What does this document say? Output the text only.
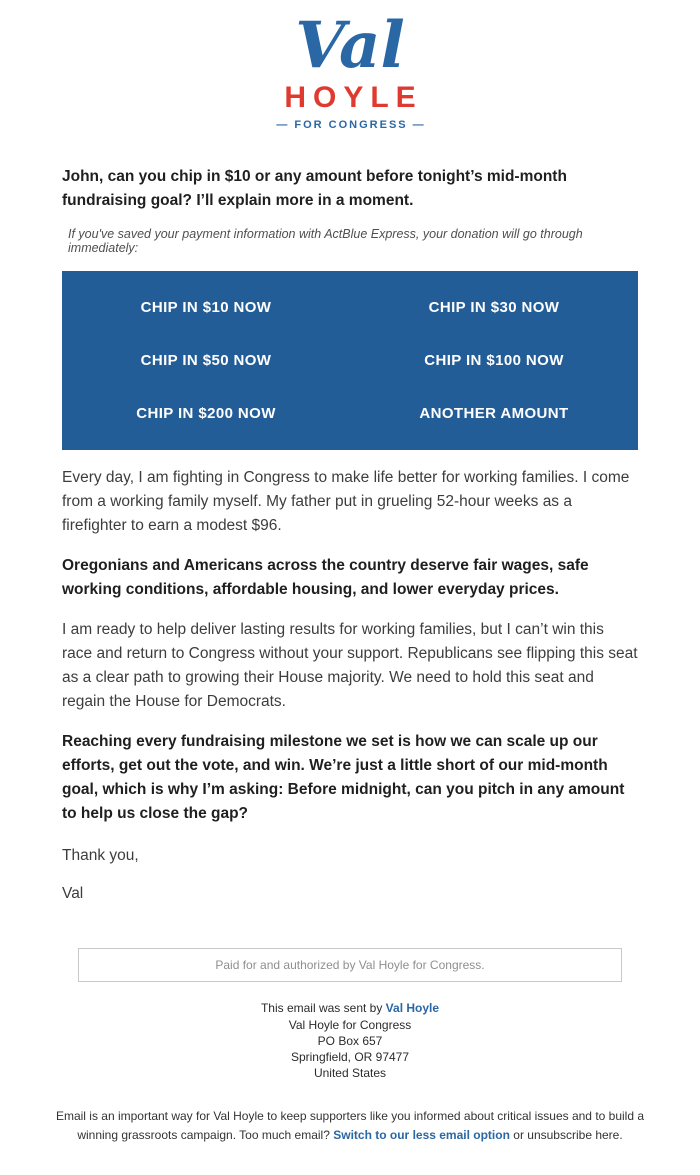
Val
HOYLE
— FOR CONGRESS —

John, can you chip in $10 or any amount before tonight’s mid-month fundraising goal? I’ll explain more in a moment.

If you've saved your payment information with ActBlue Express, your donation will go through immediately:

CHIP IN $10 NOW	CHIP IN $30 NOW
CHIP IN $50 NOW	CHIP IN $100 NOW
CHIP IN $200 NOW	ANOTHER AMOUNT

Every day, I am fighting in Congress to make life better for working families. I come from a working family myself. My father put in grueling 52-hour weeks as a firefighter to earn a modest $96.

Oregonians and Americans across the country deserve fair wages, safe working conditions, affordable housing, and lower everyday prices.

I am ready to help deliver lasting results for working families, but I can’t win this race and return to Congress without your support. Republicans see flipping this seat as a clear path to growing their House majority. We need to hold this seat and regain the House for Democrats.

Reaching every fundraising milestone we set is how we can scale up our efforts, get out the vote, and win. We’re just a little short of our mid-month goal, which is why I’m asking: Before midnight, can you pitch in any amount to help us close the gap?

Thank you,

Val

Paid for and authorized by Val Hoyle for Congress.
This email was sent by Val Hoyle
Val Hoyle for Congress
PO Box 657
Springfield, OR 97477
United States
Email is an important way for Val Hoyle to keep supporters like you informed about critical issues and to build a winning grassroots campaign. Too much email? Switch to our less email option or unsubscribe here.
